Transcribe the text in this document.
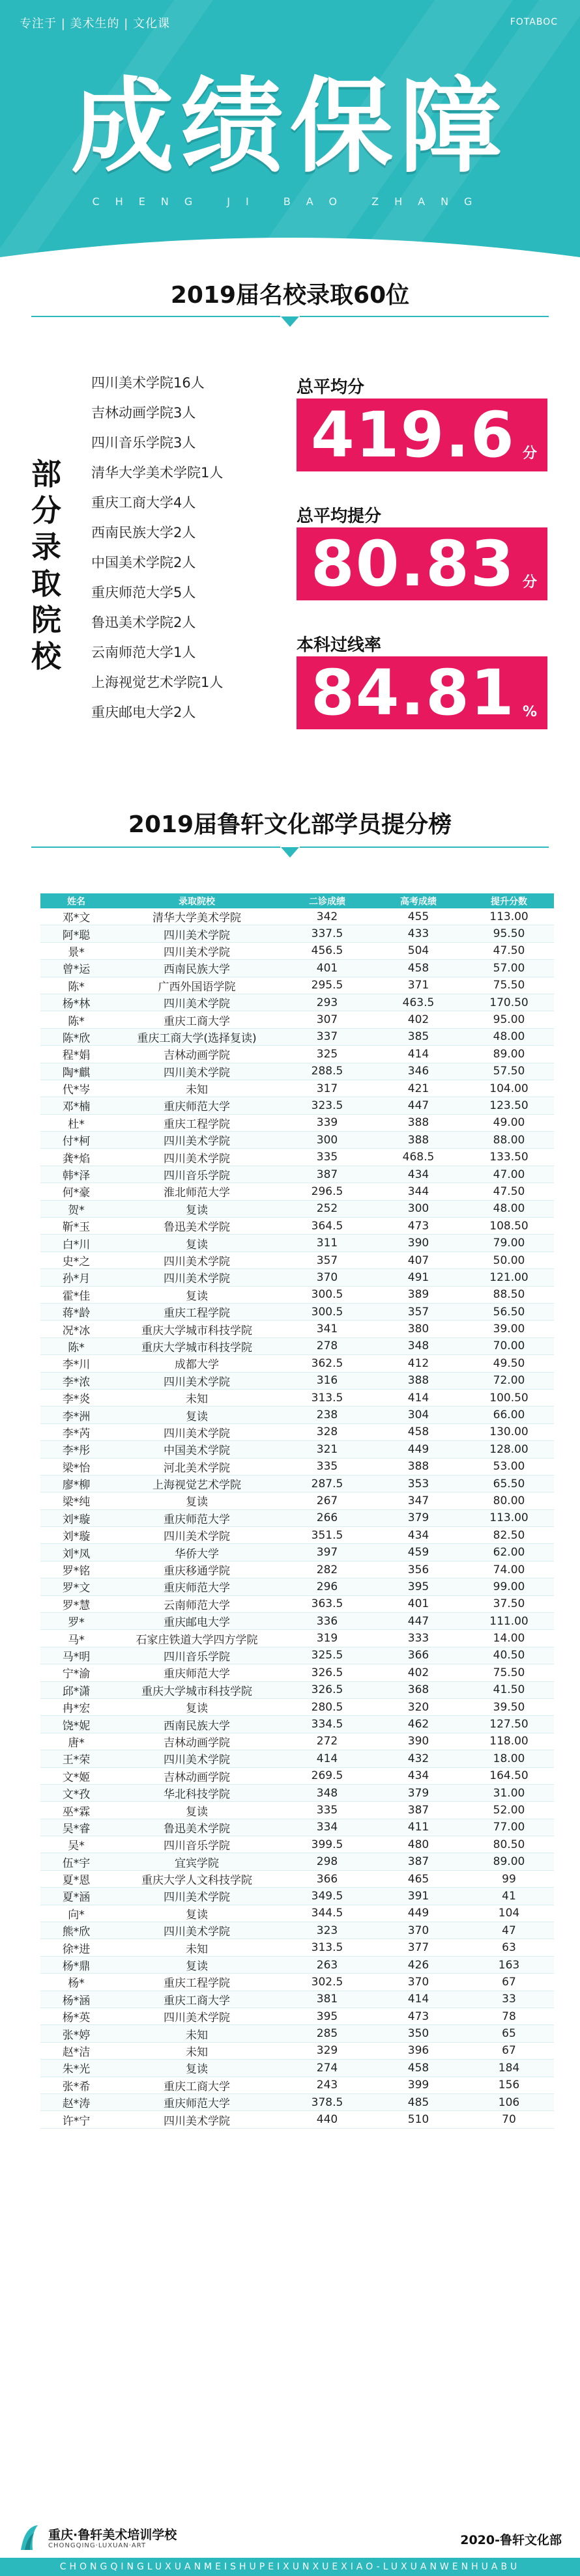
专注于 | 美术生的 | 文化课	FOTABOC
成绩保障
CHENG JI BAO ZHANG
2019届名校录取60位
部分录取院校
四川美术学院16人
吉林动画学院3人
四川音乐学院3人
清华大学美术学院1人
重庆工商大学4人
西南民族大学2人
中国美术学院2人
重庆师范大学5人
鲁迅美术学院2人
云南师范大学1人
上海视觉艺术学院1人
重庆邮电大学2人
总平均分
419.6 分
总平均提分
80.83 分
本科过线率
84.81 %
2019届鲁轩文化部学员提分榜
姓名	录取院校	二诊成绩	高考成绩	提升分数
邓*文	清华大学美术学院	342	455	113.00
阿*聪	四川美术学院	337.5	433	95.50
景*	四川美术学院	456.5	504	47.50
曾*运	西南民族大学	401	458	57.00
陈*	广西外国语学院	295.5	371	75.50
杨*林	四川美术学院	293	463.5	170.50
陈*	重庆工商大学	307	402	95.00
陈*欣	重庆工商大学(选择复读)	337	385	48.00
程*娟	吉林动画学院	325	414	89.00
陶*麒	四川美术学院	288.5	346	57.50
代*岑	未知	317	421	104.00
邓*楠	重庆师范大学	323.5	447	123.50
杜*	重庆工程学院	339	388	49.00
付*柯	四川美术学院	300	388	88.00
龚*焰	四川美术学院	335	468.5	133.50
韩*泽	四川音乐学院	387	434	47.00
何*豪	淮北师范大学	296.5	344	47.50
贺*	复读	252	300	48.00
靳*玉	鲁迅美术学院	364.5	473	108.50
白*川	复读	311	390	79.00
史*之	四川美术学院	357	407	50.00
孙*月	四川美术学院	370	491	121.00
霍*佳	复读	300.5	389	88.50
蒋*龄	重庆工程学院	300.5	357	56.50
况*冰	重庆大学城市科技学院	341	380	39.00
陈*	重庆大学城市科技学院	278	348	70.00
李*川	成都大学	362.5	412	49.50
李*浓	四川美术学院	316	388	72.00
李*炎	未知	313.5	414	100.50
李*洲	复读	238	304	66.00
李*芮	四川美术学院	328	458	130.00
李*彤	中国美术学院	321	449	128.00
梁*怡	河北美术学院	335	388	53.00
廖*柳	上海视觉艺术学院	287.5	353	65.50
梁*纯	复读	267	347	80.00
刘*璇	重庆师范大学	266	379	113.00
刘*璇	四川美术学院	351.5	434	82.50
刘*凤	华侨大学	397	459	62.00
罗*铭	重庆移通学院	282	356	74.00
罗*文	重庆师范大学	296	395	99.00
罗*慧	云南师范大学	363.5	401	37.50
罗*	重庆邮电大学	336	447	111.00
马*	石家庄铁道大学四方学院	319	333	14.00
马*明	四川音乐学院	325.5	366	40.50
宁*渝	重庆师范大学	326.5	402	75.50
邱*潇	重庆大学城市科技学院	326.5	368	41.50
冉*宏	复读	280.5	320	39.50
饶*妮	西南民族大学	334.5	462	127.50
唐*	吉林动画学院	272	390	118.00
王*荣	四川美术学院	414	432	18.00
文*姬	吉林动画学院	269.5	434	164.50
文*孜	华北科技学院	348	379	31.00
巫*霖	复读	335	387	52.00
吴*睿	鲁迅美术学院	334	411	77.00
吴*	四川音乐学院	399.5	480	80.50
伍*宇	宜宾学院	298	387	89.00
夏*恩	重庆大学人文科技学院	366	465	99
夏*涵	四川美术学院	349.5	391	41
向*	复读	344.5	449	104
熊*欣	四川美术学院	323	370	47
徐*进	未知	313.5	377	63
杨*鼎	复读	263	426	163
杨*	重庆工程学院	302.5	370	67
杨*涵	重庆工商大学	381	414	33
杨*英	四川美术学院	395	473	78
张*婷	未知	285	350	65
赵*洁	未知	329	396	67
朱*光	复读	274	458	184
张*希	重庆工商大学	243	399	156
赵*涛	重庆师范大学	378.5	485	106
许*宁	四川美术学院	440	510	70
重庆·鲁轩美术培训学校
CHONGQING·LUXUAN·ART	2020-鲁轩文化部
CHONGQINGLUXUANMEISHUPEIXUNXUEXIAO-LUXUANWENHUABU
